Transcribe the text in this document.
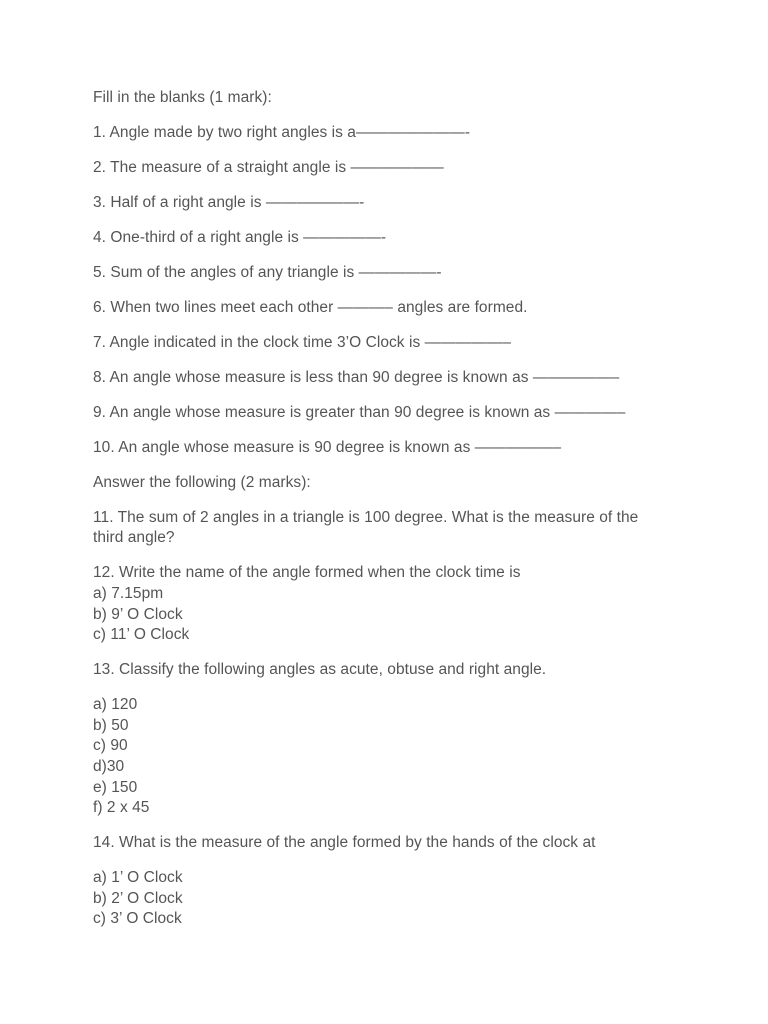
Fill in the blanks (1 mark):

1. Angle made by two right angles is a———————-

2. The measure of a straight angle is ——————

3. Half of a right angle is ——————-

4. One-third of a right angle is —————-

5. Sum of the angles of any triangle is —————-

6. When two lines meet each other ———– angles are formed.

7. Angle indicated in the clock time 3’O Clock is —————–

8. An angle whose measure is less than 90 degree is known as —————–

9. An angle whose measure is greater than 90 degree is known as ————–

10. An angle whose measure is 90 degree is known as —————–

Answer the following (2 marks):

11. The sum of 2 angles in a triangle is 100 degree. What is the measure of the third angle?

12. Write the name of the angle formed when the clock time is
a) 7.15pm
b) 9’ O Clock
c) 11’ O Clock

13. Classify the following angles as acute, obtuse and right angle.

a) 120
b) 50
c) 90
d)30
e) 150
f) 2 x 45

14. What is the measure of the angle formed by the hands of the clock at

a) 1’ O Clock
b) 2’ O Clock
c) 3’ O Clock
